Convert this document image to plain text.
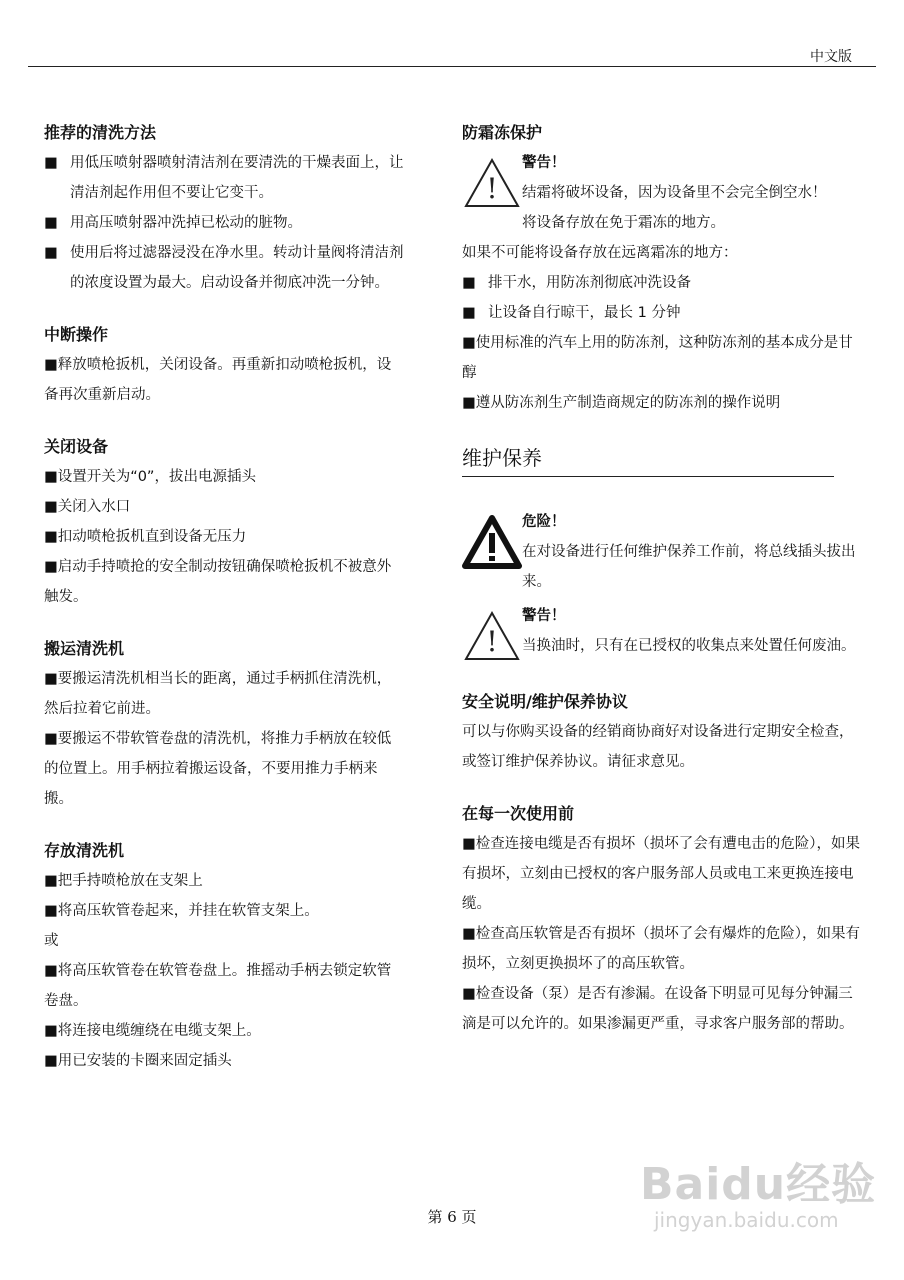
中文版
推荐的清洗方法
■ 用低压喷射器喷射清洁剂在要清洗的干燥表面上，让清洁剂起作用但不要让它变干。
■ 用高压喷射器冲洗掉已松动的脏物。
■ 使用后将过滤器浸没在净水里。转动计量阀将清洁剂的浓度设置为最大。启动设备并彻底冲洗一分钟。
中断操作
■释放喷枪扳机，关闭设备。再重新扣动喷枪扳机，设备再次重新启动。
关闭设备
■设置开关为“0”，拔出电源插头
■关闭入水口
■扣动喷枪扳机直到设备无压力
■启动手持喷抢的安全制动按钮确保喷枪扳机不被意外触发。
搬运清洗机
■要搬运清洗机相当长的距离，通过手柄抓住清洗机，然后拉着它前进。
■要搬运不带软管卷盘的清洗机，将推力手柄放在较低的位置上。用手柄拉着搬运设备，不要用推力手柄来搬。
存放清洗机
■把手持喷枪放在支架上
■将高压软管卷起来，并挂在软管支架上。
或
■将高压软管卷在软管卷盘上。推摇动手柄去锁定软管卷盘。
■将连接电缆缠绕在电缆支架上。
■用已安装的卡圈来固定插头
防霜冻保护
!
警告！
结霜将破坏设备，因为设备里不会完全倒空水！
将设备存放在免于霜冻的地方。
如果不可能将设备存放在远离霜冻的地方：
■ 排干水，用防冻剂彻底冲洗设备
■ 让设备自行晾干，最长 1 分钟
■使用标准的汽车上用的防冻剂，这种防冻剂的基本成分是甘醇
■遵从防冻剂生产制造商规定的防冻剂的操作说明
维护保养
危险！
在对设备进行任何维护保养工作前，将总线插头拔出来。
!
警告！
当换油时，只有在已授权的收集点来处置任何废油。
安全说明/维护保养协议
可以与你购买设备的经销商协商好对设备进行定期安全检查，或签订维护保养协议。请征求意见。
在每一次使用前
■检查连接电缆是否有损坏（损坏了会有遭电击的危险），如果有损坏，立刻由已授权的客户服务部人员或电工来更换连接电缆。
■检查高压软管是否有损坏（损坏了会有爆炸的危险），如果有损坏，立刻更换损坏了的高压软管。
■检查设备（泵）是否有渗漏。在设备下明显可见每分钟漏三滴是可以允许的。如果渗漏更严重，寻求客户服务部的帮助。
Baidu经验
jingyan.baidu.com
第 6 页
